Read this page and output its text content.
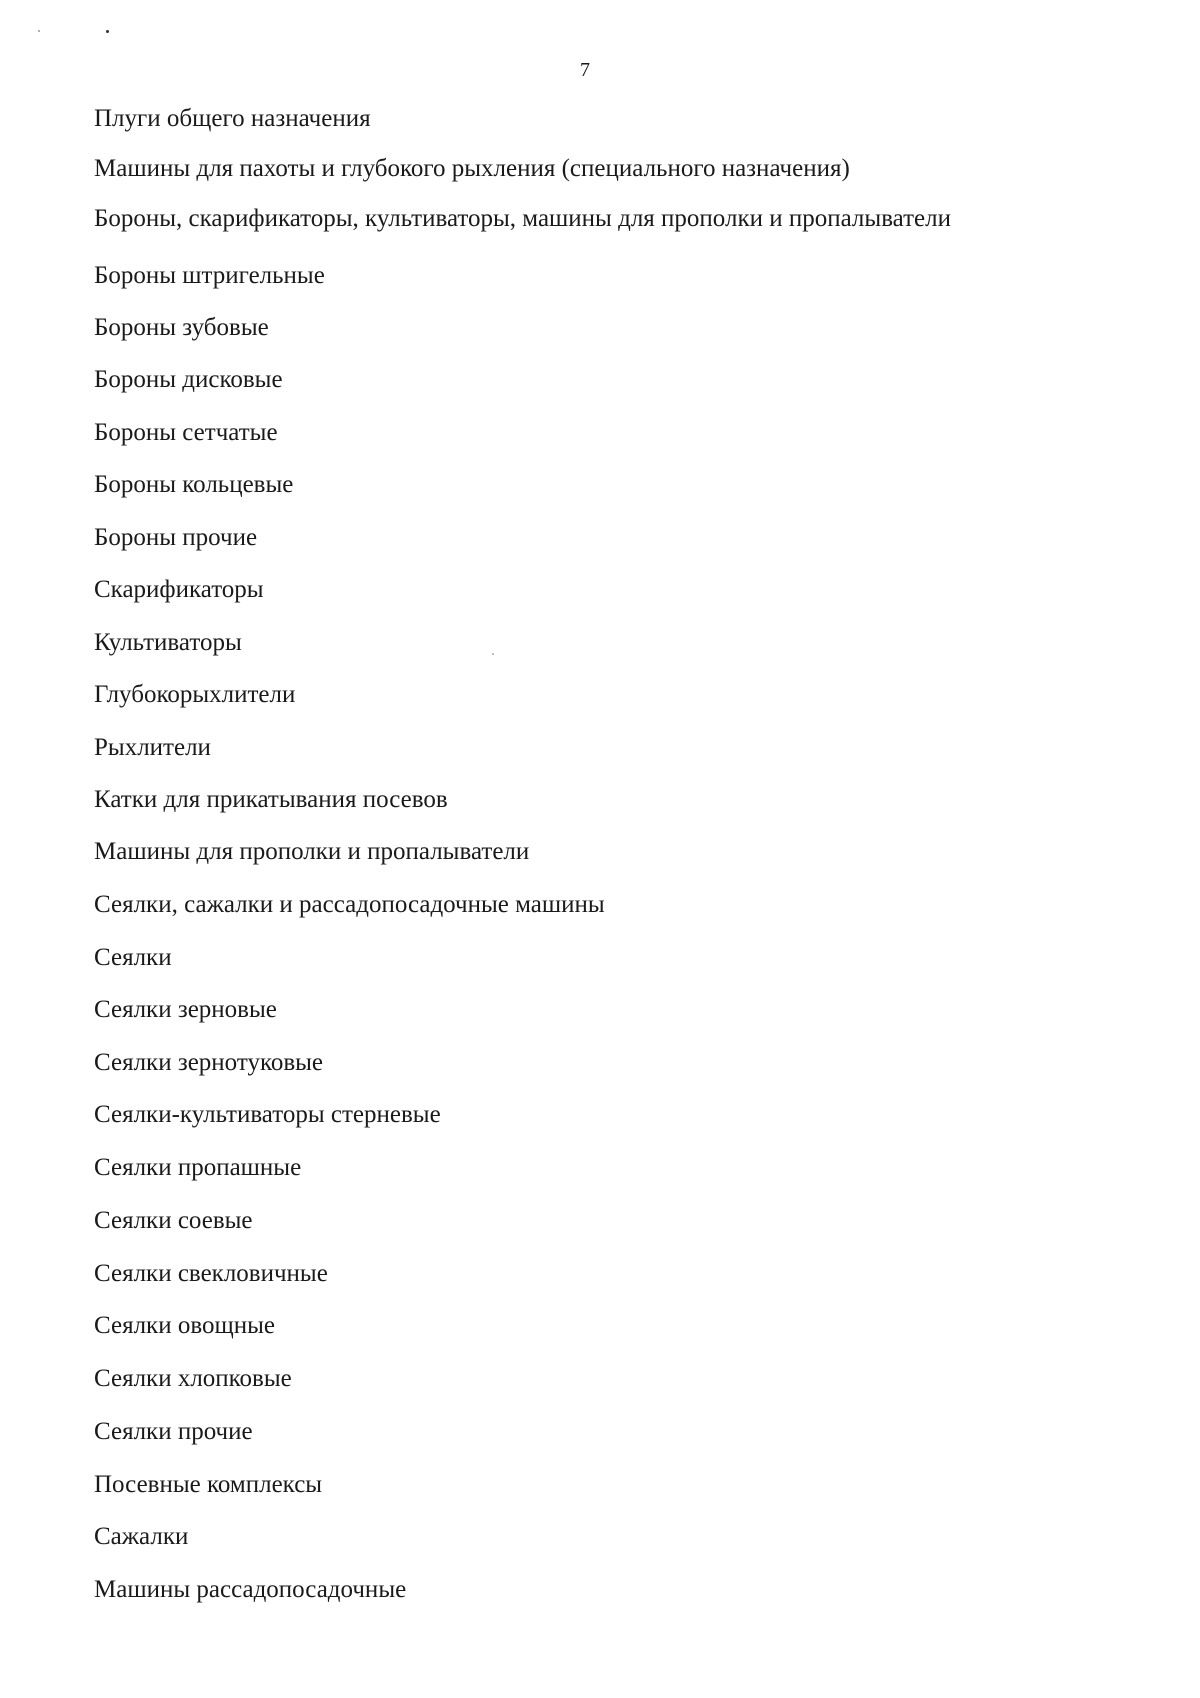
7
Плуги общего назначения
Машины для пахоты и глубокого рыхления (специального назначения)
Бороны, скарификаторы, культиваторы, машины для прополки и пропалыватели
Бороны штригельные
Бороны зубовые
Бороны дисковые
Бороны сетчатые
Бороны кольцевые
Бороны прочие
Скарификаторы
Культиваторы
Глубокорыхлители
Рыхлители
Катки для прикатывания посевов
Машины для прополки и пропалыватели
Сеялки, сажалки и рассадопосадочные машины
Сеялки
Сеялки зерновые
Сеялки зернотуковые
Сеялки-культиваторы стерневые
Сеялки пропашные
Сеялки соевые
Сеялки свекловичные
Сеялки овощные
Сеялки хлопковые
Сеялки прочие
Посевные комплексы
Сажалки
Машины рассадопосадочные
